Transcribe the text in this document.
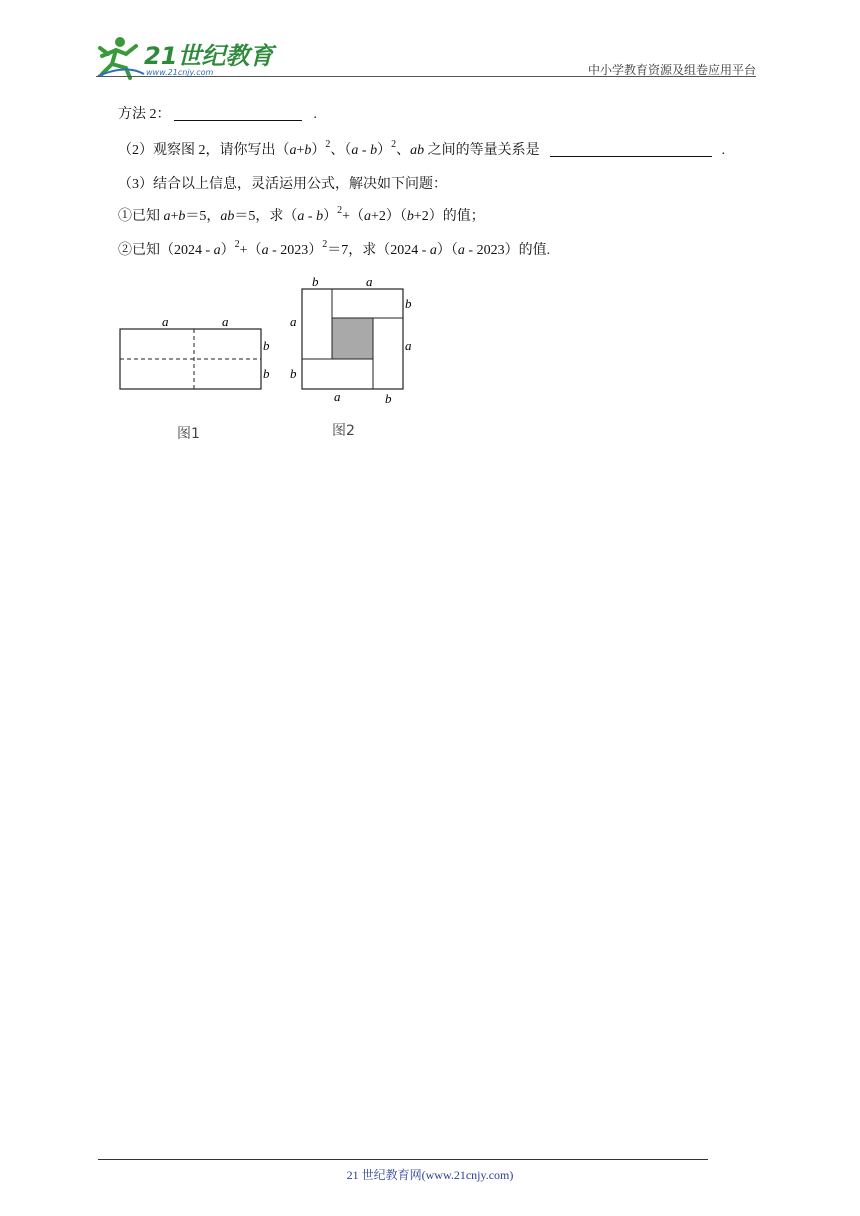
21世纪教育
www.21cnjy.com	中小学教育资源及组卷应用平台
方法 2：	.
（2）观察图 2，请你写出$(a+b)^2$、（a - b）$^2$、ab 之间的等量关系是	.
（3）结合以上信息，灵活运用公式，解决如下问题：
①已知 a+b＝5，ab＝5，求（a - b）$^2$+（a+2）（b+2）的值；
②已知（2024 - a）$^2$+（a - 2023）$^2$＝7，求（2024 - a）（a - 2023）的值.
a	a
b
b
图1
b	a
b
a
a
b
a	b
图2
21 世纪教育网(www.21cnjy.com)
